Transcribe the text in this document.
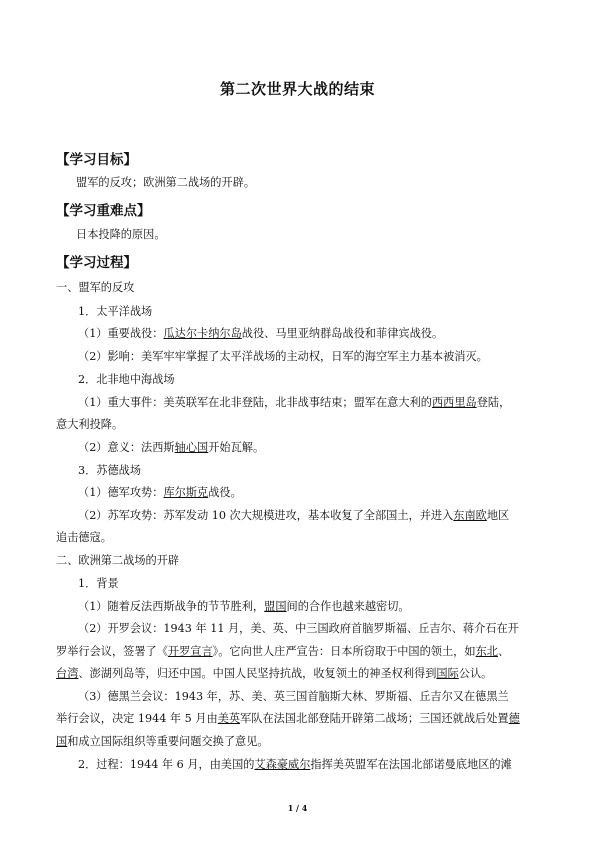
第二次世界大战的结束
【学习目标】
盟军的反攻；欧洲第二战场的开辟。
【学习重难点】
日本投降的原因。
【学习过程】
一、盟军的反攻
1．太平洋战场
（1）重要战役：瓜达尔卡纳尔岛战役、马里亚纳群岛战役和菲律宾战役。
（2）影响：美军牢牢掌握了太平洋战场的主动权，日军的海空军主力基本被消灭。
2．北非地中海战场
（1）重大事件：美英联军在北非登陆，北非战事结束；盟军在意大利的西西里岛登陆，
意大利投降。
（2）意义：法西斯轴心国开始瓦解。
3．苏德战场
（1）德军攻势：库尔斯克战役。
（2）苏军攻势：苏军发动 10 次大规模进攻，基本收复了全部国土，并进入东南欧地区
追击德寇。
二、欧洲第二战场的开辟
1．背景
（1）随着反法西斯战争的节节胜利，盟国间的合作也越来越密切。
（2）开罗会议：1943 年 11 月，美、英、中三国政府首脑罗斯福、丘吉尔、蒋介石在开
罗举行会议，签署了《开罗宣言》。它向世人庄严宣告：日本所窃取于中国的领土，如东北、
台湾、澎湖列岛等，归还中国。中国人民坚持抗战，收复领土的神圣权利得到国际公认。
（3）德黑兰会议：1943 年，苏、美、英三国首脑斯大林、罗斯福、丘吉尔又在德黑兰
举行会议，决定 1944 年 5 月由美英军队在法国北部登陆开辟第二战场；三国还就战后处置德
国和成立国际组织等重要问题交换了意见。
2．过程：1944 年 6 月，由美国的艾森豪威尔指挥美英盟军在法国北部诺曼底地区的滩
1 / 4
